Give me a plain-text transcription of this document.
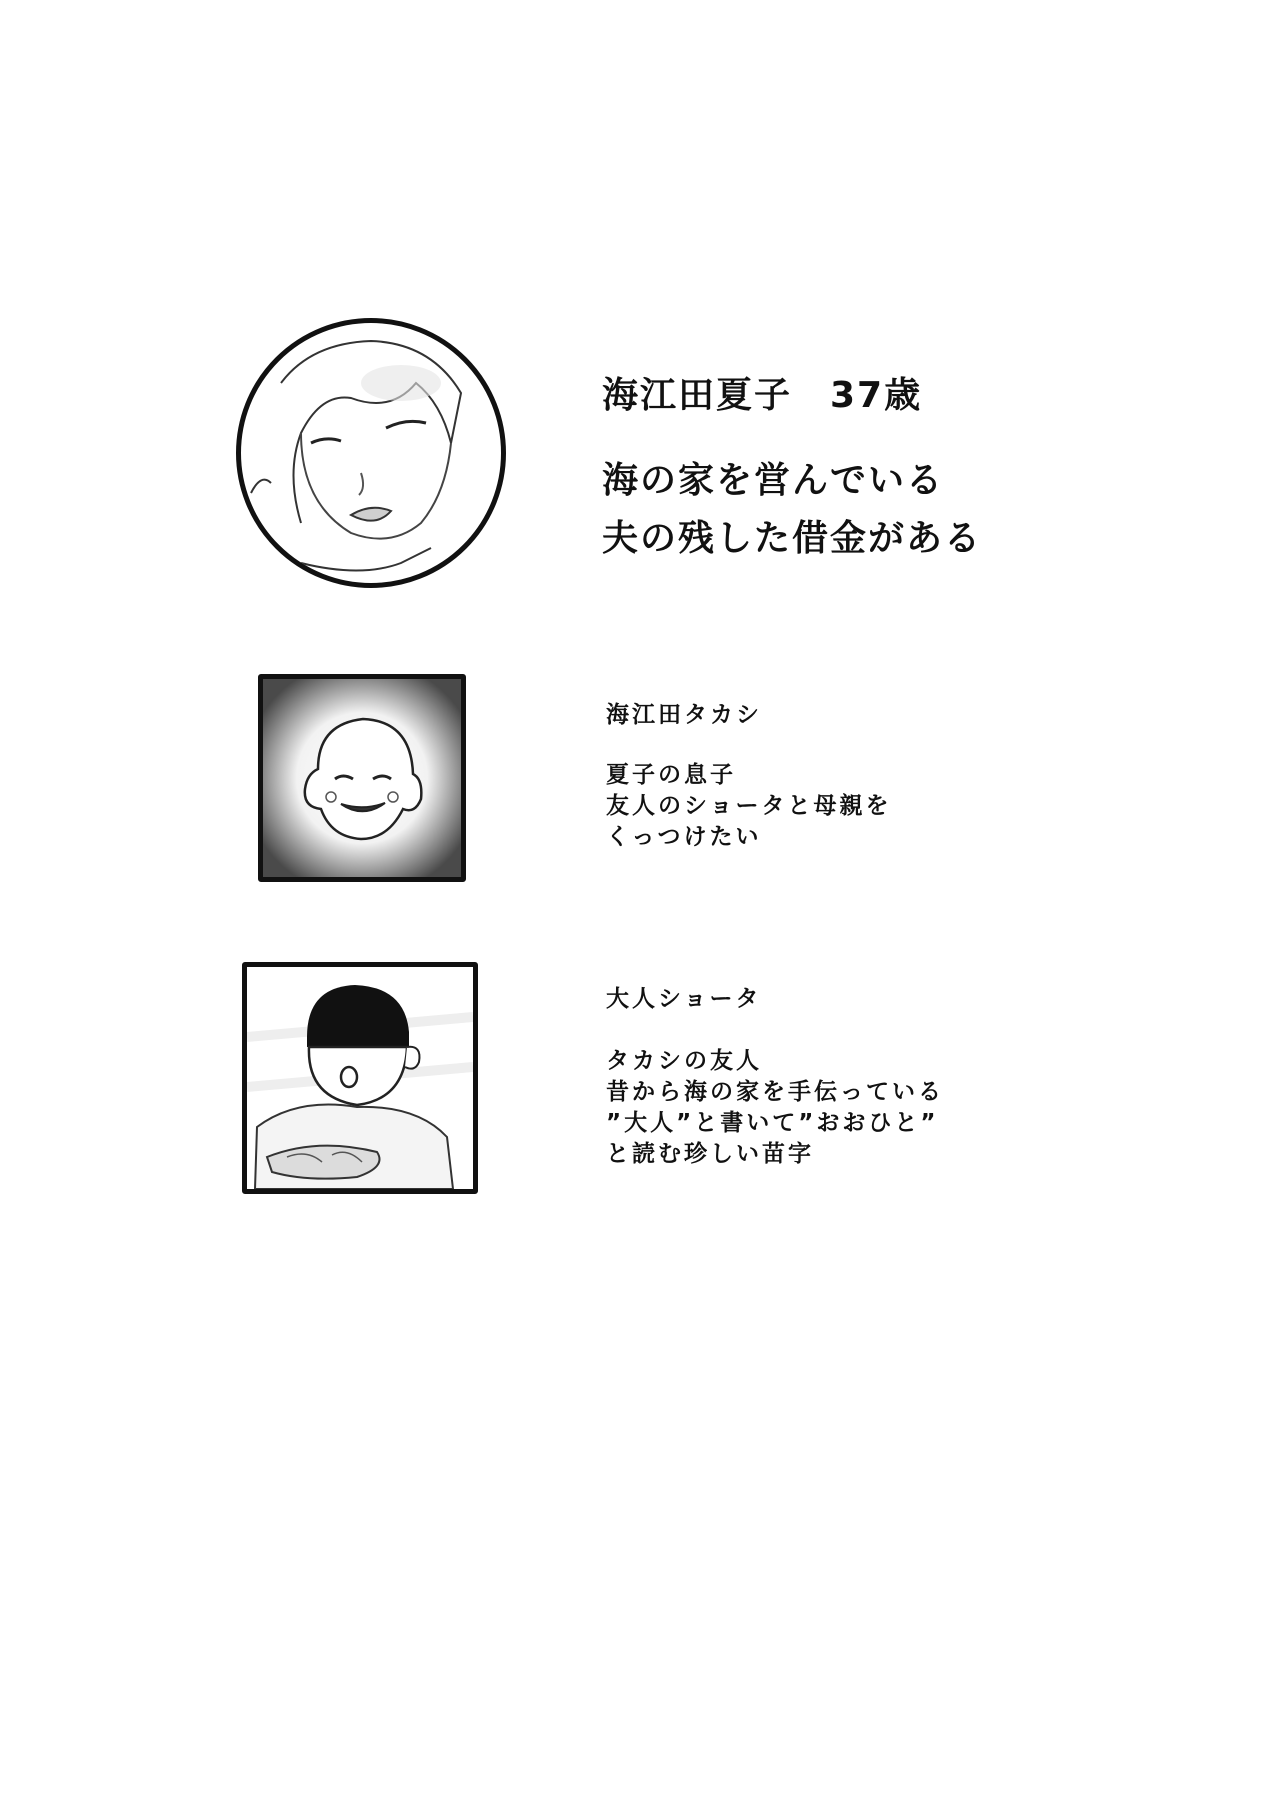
海江田夏子　37歳
海の家を営んでいる
夫の残した借金がある
海江田タカシ
夏子の息子
友人のショータと母親を
くっつけたい
大人ショータ
タカシの友人
昔から海の家を手伝っている
”大人”と書いて”おおひと”
と読む珍しい苗字
